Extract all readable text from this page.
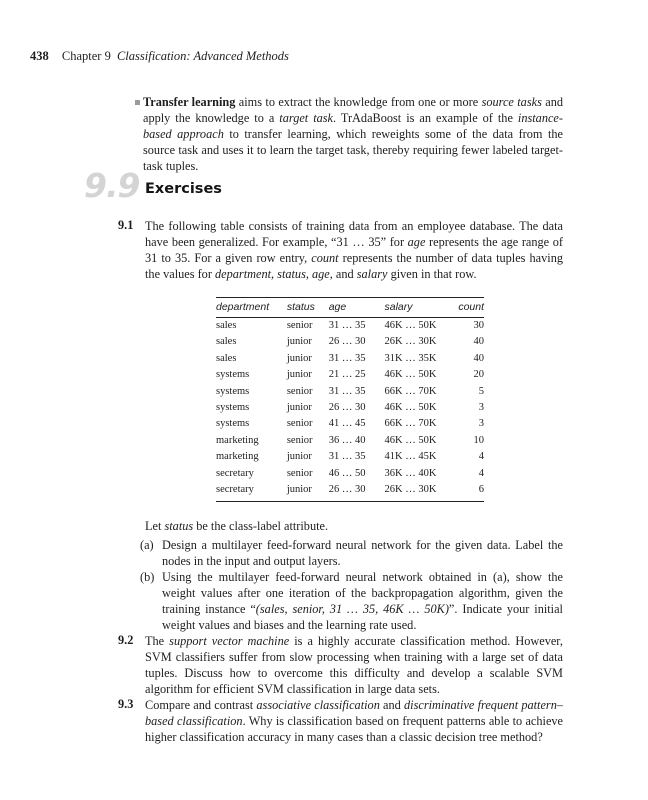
438 Chapter 9 Classification: Advanced Methods
Transfer learning aims to extract the knowledge from one or more source tasks and apply the knowledge to a target task. TrAdaBoost is an example of the instance-based approach to transfer learning, which reweights some of the data from the source task and uses it to learn the target task, thereby requiring fewer labeled target-task tuples.
9.9 Exercises
9.1 The following table consists of training data from an employee database. The data have been generalized. For example, “31 … 35” for age represents the age range of 31 to 35. For a given row entry, count represents the number of data tuples having the values for department, status, age, and salary given in that row.
department	status	age	salary	count
sales	senior	31 … 35	46K … 50K	30
sales	junior	26 … 30	26K … 30K	40
sales	junior	31 … 35	31K … 35K	40
systems	junior	21 … 25	46K … 50K	20
systems	senior	31 … 35	66K … 70K	5
systems	junior	26 … 30	46K … 50K	3
systems	senior	41 … 45	66K … 70K	3
marketing	senior	36 … 40	46K … 50K	10
marketing	junior	31 … 35	41K … 45K	4
secretary	senior	46 … 50	36K … 40K	4
secretary	junior	26 … 30	26K … 30K	6
Let status be the class-label attribute.
(a) Design a multilayer feed-forward neural network for the given data. Label the nodes in the input and output layers.
(b) Using the multilayer feed-forward neural network obtained in (a), show the weight values after one iteration of the backpropagation algorithm, given the training instance “(sales, senior, 31 … 35, 46K … 50K)”. Indicate your initial weight values and biases and the learning rate used.
9.2 The support vector machine is a highly accurate classification method. However, SVM classifiers suffer from slow processing when training with a large set of data tuples. Discuss how to overcome this difficulty and develop a scalable SVM algorithm for efficient SVM classification in large data sets.
9.3 Compare and contrast associative classification and discriminative frequent pattern–based classification. Why is classification based on frequent patterns able to achieve higher classification accuracy in many cases than a classic decision tree method?
